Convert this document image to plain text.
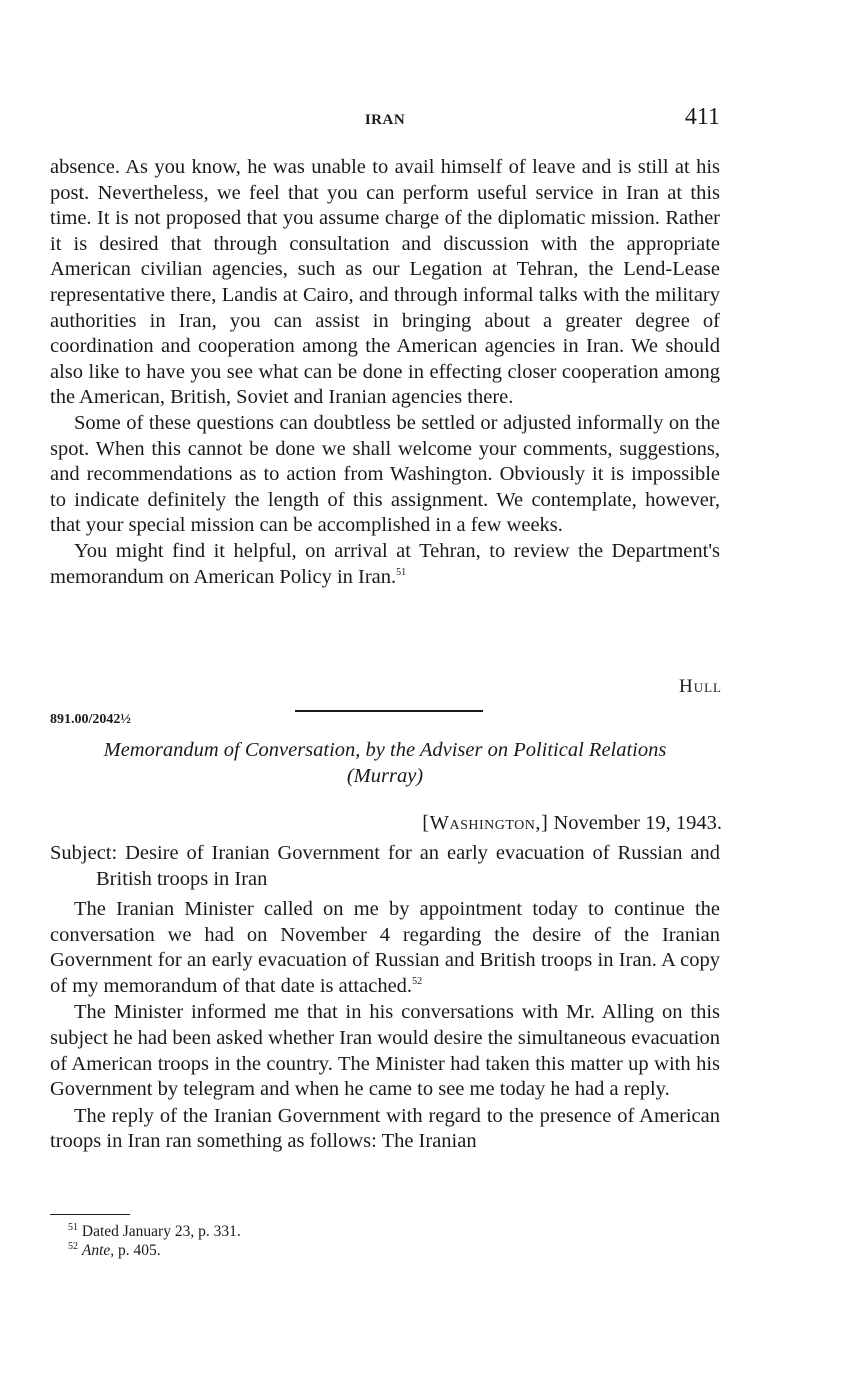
IRAN	411

absence. As you know, he was unable to avail himself of leave and is still at his post. Nevertheless, we feel that you can perform useful service in Iran at this time. It is not proposed that you assume charge of the diplomatic mission. Rather it is desired that through consultation and discussion with the appropriate American civilian agencies, such as our Legation at Tehran, the Lend-Lease representative there, Landis at Cairo, and through informal talks with the military authorities in Iran, you can assist in bringing about a greater degree of coordination and cooperation among the American agencies in Iran. We should also like to have you see what can be done in effecting closer cooperation among the American, British, Soviet and Iranian agencies there.

Some of these questions can doubtless be settled or adjusted informally on the spot. When this cannot be done we shall welcome your comments, suggestions, and recommendations as to action from Washington. Obviously it is impossible to indicate definitely the length of this assignment. We contemplate, however, that your special mission can be accomplished in a few weeks.

You might find it helpful, on arrival at Tehran, to review the Department's memorandum on American Policy in Iran.$^{51}$

Hull
891.00/2042½
Memorandum of Conversation, by the Adviser on Political Relations
(Murray)
[Washington,] November 19, 1943.
Subject: Desire of Iranian Government for an early evacuation of Russian and British troops in Iran

The Iranian Minister called on me by appointment today to continue the conversation we had on November 4 regarding the desire of the Iranian Government for an early evacuation of Russian and British troops in Iran. A copy of my memorandum of that date is attached.$^{52}$

The Minister informed me that in his conversations with Mr. Alling on this subject he had been asked whether Iran would desire the simultaneous evacuation of American troops in the country. The Minister had taken this matter up with his Government by telegram and when he came to see me today he had a reply.

The reply of the Iranian Government with regard to the presence of American troops in Iran ran something as follows: The Iranian

$^{51}$ Dated January 23, p. 331.
$^{52}$ Ante, p. 405.
